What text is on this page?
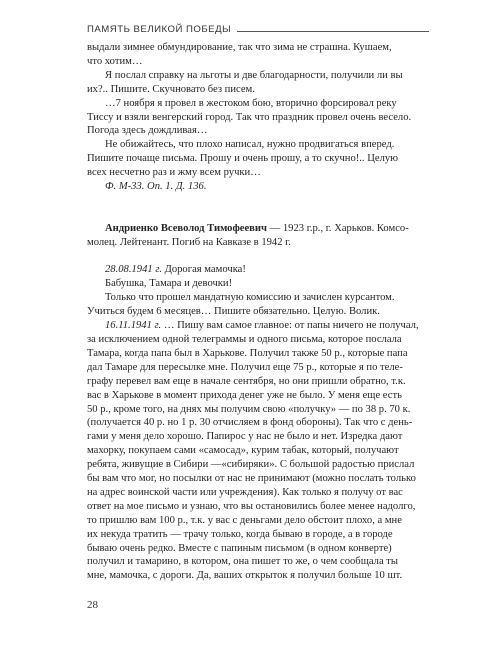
ПАМЯТЬ ВЕЛИКОЙ ПОБЕДЫ

выдали зимнее обмундирование, так что зима не страшна. Кушаем,

что хотим…

Я послал справку на льготы и две благодарности, получили ли вы

их?.. Пишите. Скучновато без писем.

…7 ноября я провел в жестоком бою, вторично форсировал реку

Тиссу и взяли венгерский город. Так что праздник провел очень весело.

Погода здесь дождливая…

Не обижайтесь, что плохо написал, нужно продвигаться вперед.

Пишите почаще письма. Прошу и очень прошу, а то скучно!.. Целую

всех несчетно раз и жму всем ручки…

Ф. М-33. Оп. 1. Д. 136.

Андриенко Всеволод Тимофеевич — 1923 г.р., г. Харьков. Комсо-

молец. Лейтенант. Погиб на Кавказе в 1942 г.

28.08.1941 г. Дорогая мамочка!

Бабушка, Тамара и девочки!

Только что прошел мандатную комиссию и зачислен курсантом.

Учиться будем 6 месяцев… Пишите обязательно. Целую. Волик.

16.11.1941 г. … Пишу вам самое главное: от папы ничего не получал,

за исключением одной телеграммы и одного письма, которое послала

Тамара, когда папа был в Харькове. Получил также 50 р., которые папа

дал Тамаре для пересылке мне. Получил еще 75 р., которые я по теле-

графу перевел вам еще в начале сентября, но они пришли обратно, т.к.

вас в Харькове в момент прихода денег уже не было. У меня еще есть

50 р., кроме того, на днях мы получим свою «получку» — по 38 р. 70 к.

(получается 40 р. но 1 р. 30 отчисляем в фонд обороны). Так что с день-

гами у меня дело хорошо. Папирос у нас не было и нет. Изредка дают

махорку, покупаем сами «самосад», курим табак, который, получают

ребята, живущие в Сибири —«сибиряки». С большой радостью прислал

бы вам что мог, но посылки от нас не принимают (можно послать только

на адрес воинской части или учреждения). Как только я получу от вас

ответ на мое письмо и узнаю, что вы остановились более менее надолго,

то пришлю вам 100 р., т.к. у вас с деньгами дело обстоит плохо, а мне

их некуда тратить — трачу только, когда бываю в городе, а в городе

бываю очень редко. Вместе с папиным письмом (в одном конверте)

получил и тамарино, в котором, она пишет то же, о чем сообщала ты

мне, мамочка, с дороги. Да, ваших открыток я получил больше 10 шт.

28
